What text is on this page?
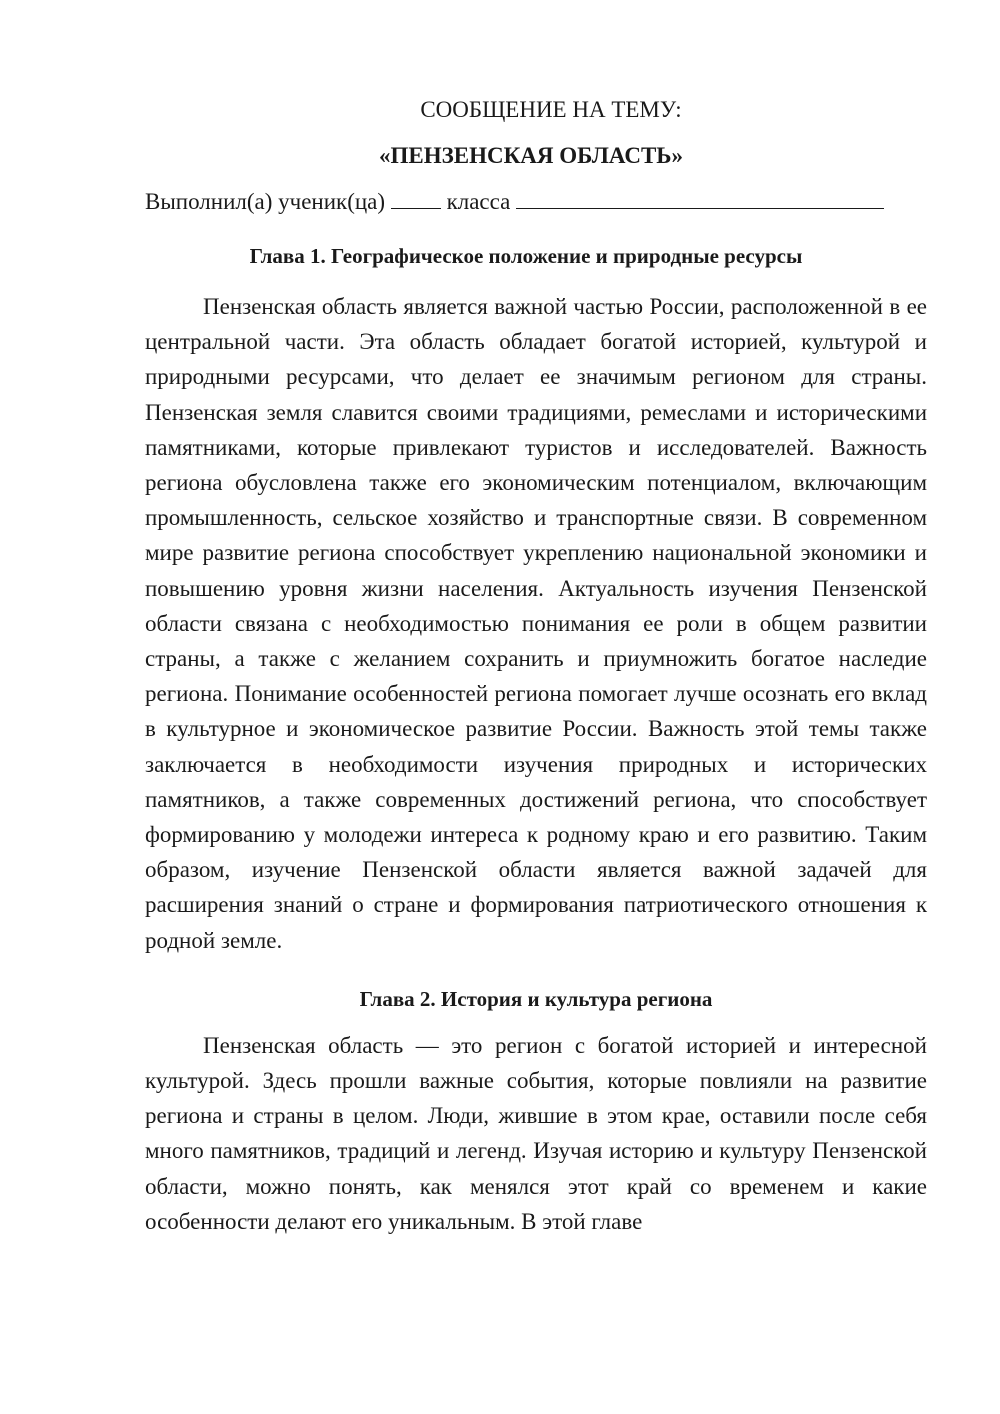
СООБЩЕНИЕ НА ТЕМУ:

«ПЕНЗЕНСКАЯ ОБЛАСТЬ»

Выполнил(а) ученик(ца)	класса
Глава 1. Географическое положение и природные ресурсы

Пензенская область является важной частью России, расположенной в ее центральной части. Эта область обладает богатой историей, культурой и природными ресурсами, что делает ее значимым регионом для страны. Пензенская земля славится своими традициями, ремеслами и историческими памятниками, которые привлекают туристов и исследователей. Важность региона обусловлена также его экономическим потенциалом, включающим промышленность, сельское хозяйство и транспортные связи. В современном мире развитие региона способствует укреплению национальной экономики и повышению уровня жизни населения. Актуальность изучения Пензенской области связана с необходимостью понимания ее роли в общем развитии страны, а также с желанием сохранить и приумножить богатое наследие региона. Понимание особенностей региона помогает лучше осознать его вклад в культурное и экономическое развитие России. Важность этой темы также заключается в необходимости изучения природных и исторических памятников, а также современных достижений региона, что способствует формированию у молодежи интереса к родному краю и его развитию. Таким образом, изучение Пензенской области является важной задачей для расширения знаний о стране и формирования патриотического отношения к родной земле.

Глава 2. История и культура региона

Пензенская область — это регион с богатой историей и интересной культурой. Здесь прошли важные события, которые повлияли на развитие региона и страны в целом. Люди, жившие в этом крае, оставили после себя много памятников, традиций и легенд. Изучая историю и культуру Пензенской области, можно понять, как менялся этот край со временем и какие особенности делают его уникальным. В этой главе
